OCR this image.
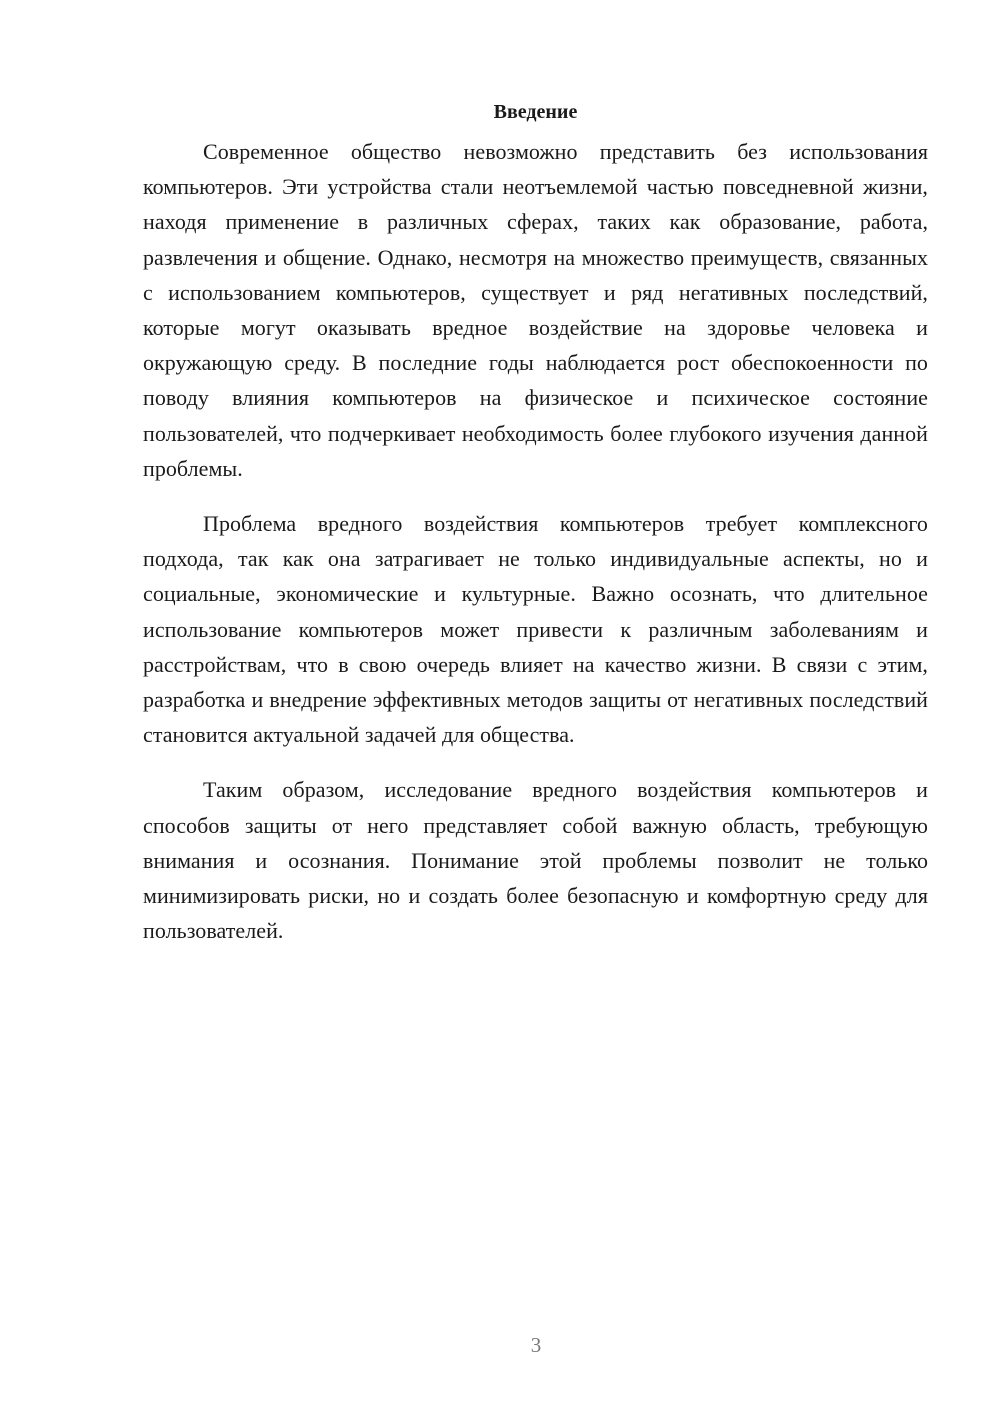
Введение

Современное общество невозможно представить без использования компьютеров. Эти устройства стали неотъемлемой частью повседневной жизни, находя применение в различных сферах, таких как образование, работа, развлечения и общение. Однако, несмотря на множество преимуществ, связанных с использованием компьютеров, существует и ряд негативных последствий, которые могут оказывать вредное воздействие на здоровье человека и окружающую среду. В последние годы наблюдается рост обеспокоенности по поводу влияния компьютеров на физическое и психическое состояние пользователей, что подчеркивает необходимость более глубокого изучения данной проблемы.

Проблема вредного воздействия компьютеров требует комплексного подхода, так как она затрагивает не только индивидуальные аспекты, но и социальные, экономические и культурные. Важно осознать, что длительное использование компьютеров может привести к различным заболеваниям и расстройствам, что в свою очередь влияет на качество жизни. В связи с этим, разработка и внедрение эффективных методов защиты от негативных последствий становится актуальной задачей для общества.

Таким образом, исследование вредного воздействия компьютеров и способов защиты от него представляет собой важную область, требующую внимания и осознания. Понимание этой проблемы позволит не только минимизировать риски, но и создать более безопасную и комфортную среду для пользователей.

3
